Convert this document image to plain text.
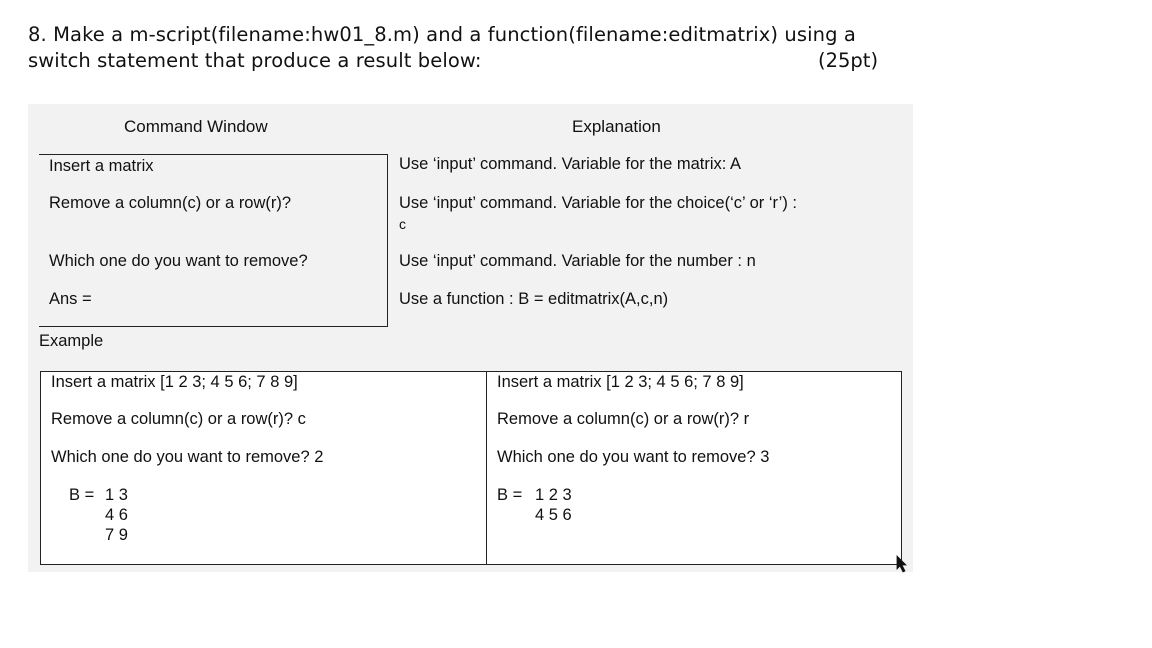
8. Make a m-script(filename:hw01_8.m) and a function(filename:editmatrix) using a
switch statement that produce a result below:	(25pt)
Command Window	Explanation
Insert a matrix	Use ‘input’ command. Variable for the matrix: A
Remove a column(c) or a row(r)?	Use ‘input’ command. Variable for the choice(‘c’ or ‘r’) :
c
Which one do you want to remove?	Use ‘input’ command. Variable for the number : n
Ans =	Use a function : B = editmatrix(A,c,n)
Example
Insert a matrix [1 2 3; 4 5 6; 7 8 9]
Remove a column(c) or a row(r)? c
Which one do you want to remove? 2
B = 1 3
4 6
7 9
Insert a matrix [1 2 3; 4 5 6; 7 8 9]
Remove a column(c) or a row(r)? r
Which one do you want to remove? 3
B = 1 2 3
4 5 6
